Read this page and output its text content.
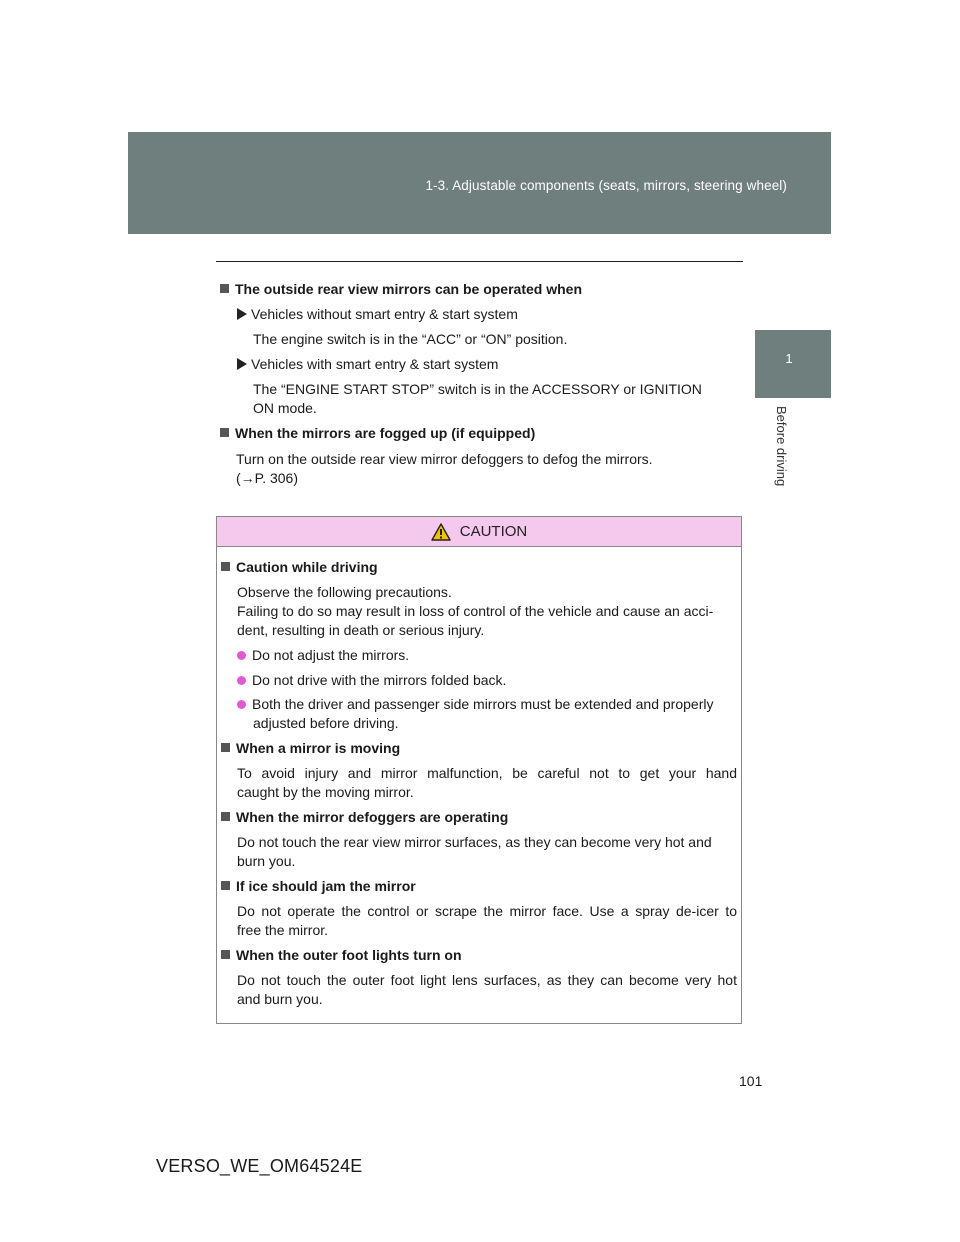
1-3. Adjustable components (seats, mirrors, steering wheel)
1
Before driving
The outside rear view mirrors can be operated when
Vehicles without smart entry & start system
The engine switch is in the “ACC” or “ON” position.
Vehicles with smart entry & start system
The “ENGINE START STOP” switch is in the ACCESSORY or IGNITION
ON mode.
When the mirrors are fogged up (if equipped)
Turn on the outside rear view mirror defoggers to defog the mirrors.
(→P. 306)
CAUTION
Caution while driving
Observe the following precautions.
Failing to do so may result in loss of control of the vehicle and cause an acci-
dent, resulting in death or serious injury.
Do not adjust the mirrors.
Do not drive with the mirrors folded back.
Both the driver and passenger side mirrors must be extended and properly
adjusted before driving.
When a mirror is moving
To avoid injury and mirror malfunction, be careful not to get your hand
caught by the moving mirror.
When the mirror defoggers are operating
Do not touch the rear view mirror surfaces, as they can become very hot and
burn you.
If ice should jam the mirror
Do not operate the control or scrape the mirror face. Use a spray de-icer to
free the mirror.
When the outer foot lights turn on
Do not touch the outer foot light lens surfaces, as they can become very hot
and burn you.
101
VERSO_WE_OM64524E
